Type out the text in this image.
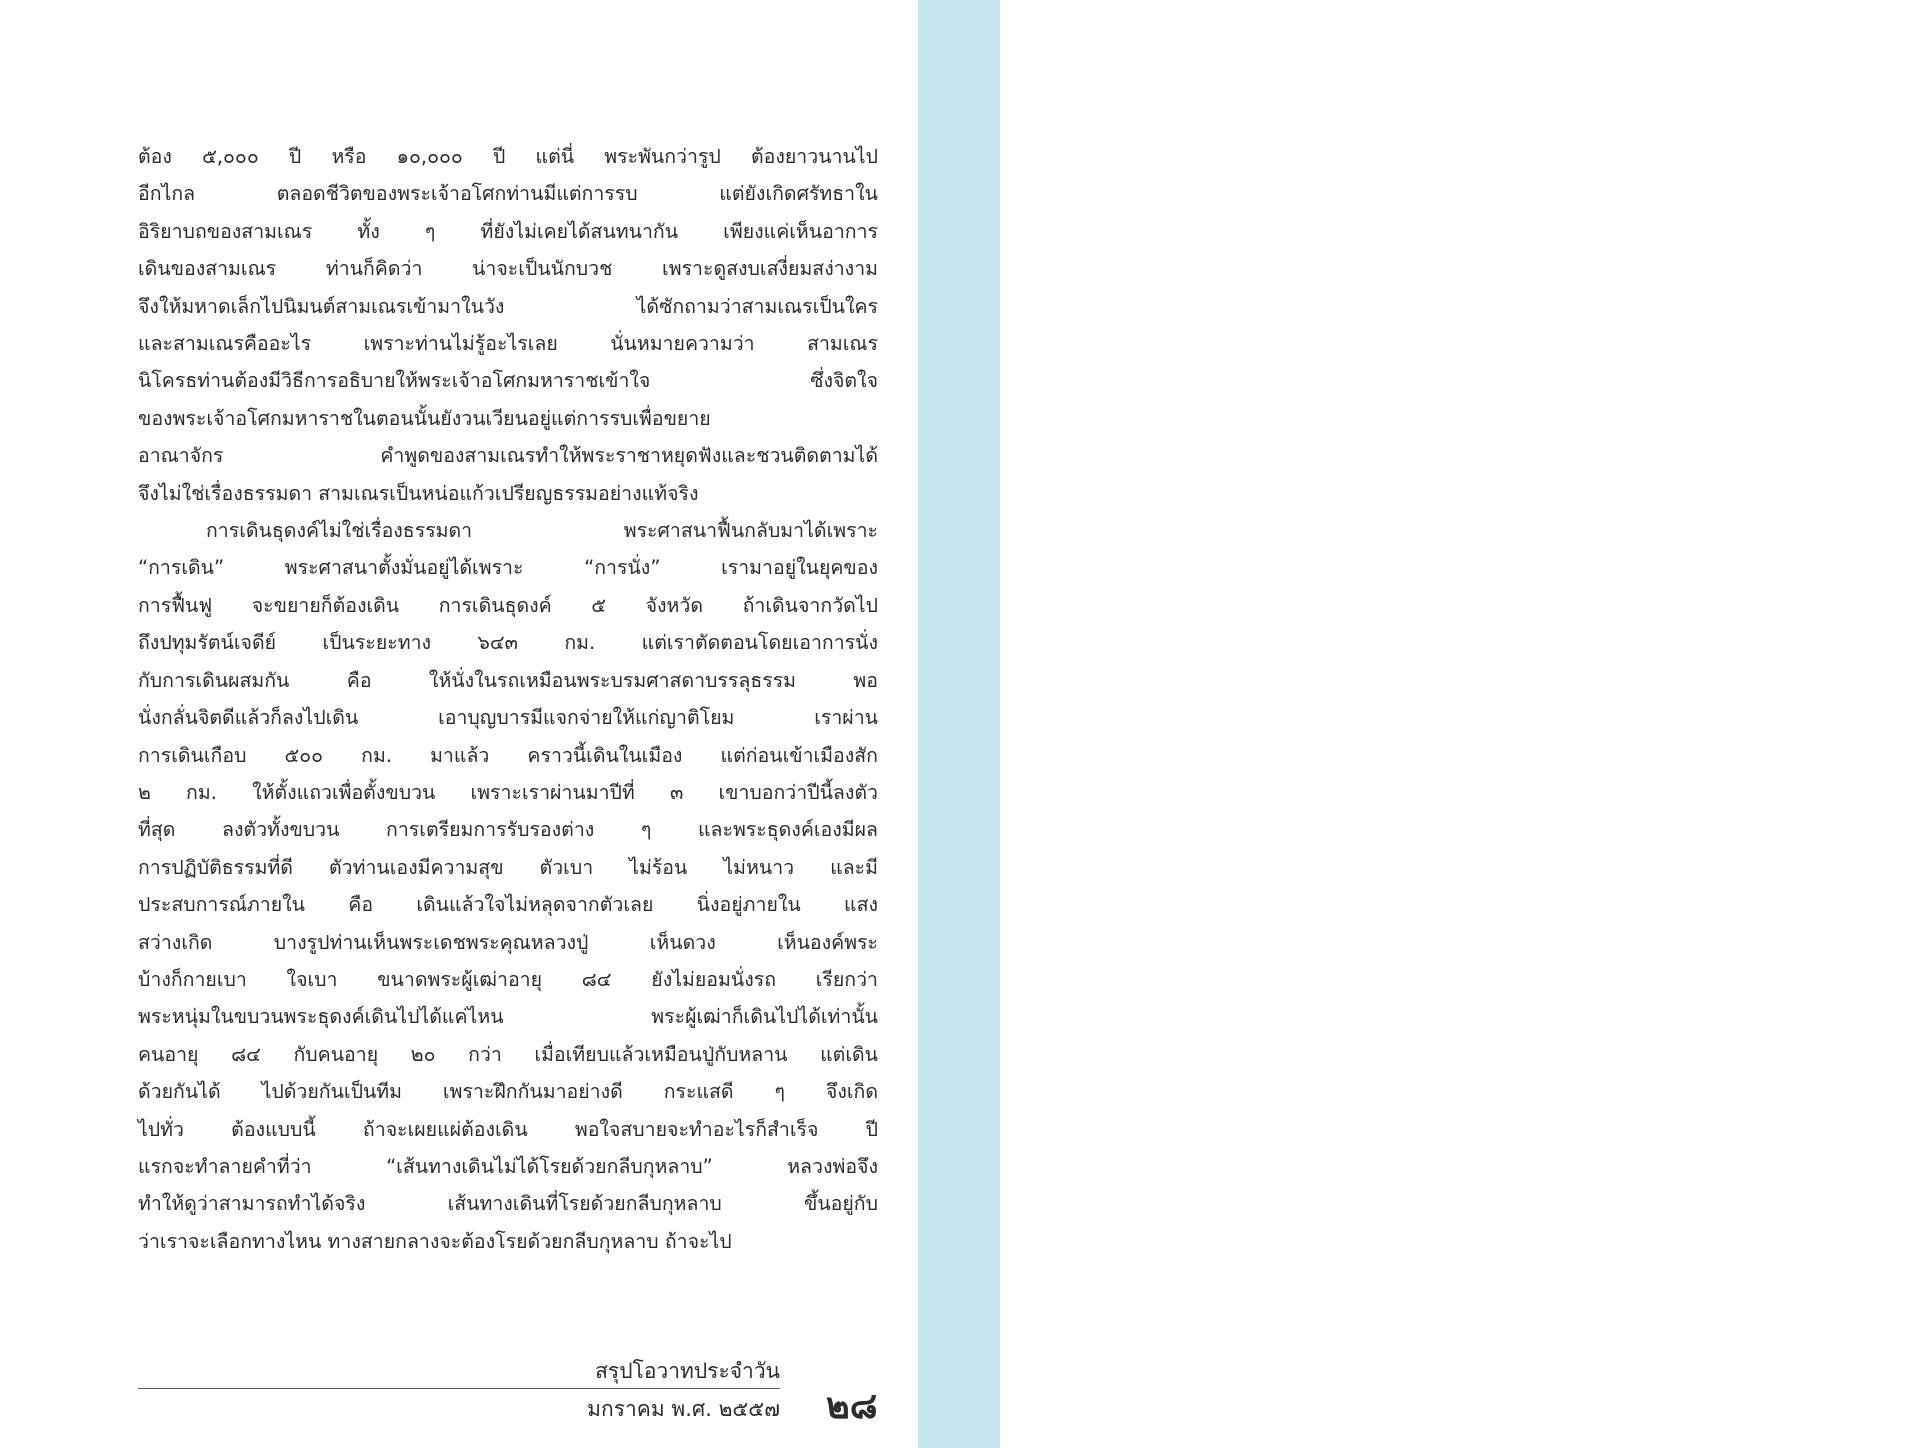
JANUARY 2557
ต้อง ๕,๐๐๐ ปี หรือ ๑๐,๐๐๐ ปี แต่นี่ พระพันกว่ารูป ต้องยาวนานไป
อีกไกล ตลอดชีวิตของพระเจ้าอโศกท่านมีแต่การรบ แต่ยังเกิดศรัทธาใน
อิริยาบถของสามเณร ทั้ง ๆ ที่ยังไม่เคยได้สนทนากัน เพียงแค่เห็นอาการ
เดินของสามเณร ท่านก็คิดว่า น่าจะเป็นนักบวช เพราะดูสงบเสงี่ยมสง่างาม
จึงให้มหาดเล็กไปนิมนต์สามเณรเข้ามาในวัง ได้ซักถามว่าสามเณรเป็นใคร
และสามเณรคืออะไร เพราะท่านไม่รู้อะไรเลย นั่นหมายความว่า สามเณร
นิโครธท่านต้องมีวิธีการอธิบายให้พระเจ้าอโศกมหาราชเข้าใจ ซึ่งจิตใจ
ของพระเจ้าอโศกมหาราชในตอนนั้นยังวนเวียนอยู่แต่การรบเพื่อขยาย
อาณาจักร คำพูดของสามเณรทำให้พระราชาหยุดฟังและชวนติดตามได้
จึงไม่ใช่เรื่องธรรมดา สามเณรเป็นหน่อแก้วเปรียญธรรมอย่างแท้จริง
การเดินธุดงค์ไม่ใช่เรื่องธรรมดา พระศาสนาฟื้นกลับมาได้เพราะ
“การเดิน” พระศาสนาตั้งมั่นอยู่ได้เพราะ “การนั่ง” เรามาอยู่ในยุคของ
การฟื้นฟู จะขยายก็ต้องเดิน การเดินธุดงค์ ๕ จังหวัด ถ้าเดินจากวัดไป
ถึงปทุมรัตน์เจดีย์ เป็นระยะทาง ๖๔๓ กม. แต่เราตัดตอนโดยเอาการนั่ง
กับการเดินผสมกัน คือ ให้นั่งในรถเหมือนพระบรมศาสดาบรรลุธรรม พอ
นั่งกลั่นจิตดีแล้วก็ลงไปเดิน เอาบุญบารมีแจกจ่ายให้แก่ญาติโยม เราผ่าน
การเดินเกือบ ๕๐๐ กม. มาแล้ว คราวนี้เดินในเมือง แต่ก่อนเข้าเมืองสัก
๒ กม. ให้ตั้งแถวเพื่อตั้งขบวน เพราะเราผ่านมาปีที่ ๓ เขาบอกว่าปีนี้ลงตัว
ที่สุด ลงตัวทั้งขบวน การเตรียมการรับรองต่าง ๆ และพระธุดงค์เองมีผล
การปฏิบัติธรรมที่ดี ตัวท่านเองมีความสุข ตัวเบา ไม่ร้อน ไม่หนาว และมี
ประสบการณ์ภายใน คือ เดินแล้วใจไม่หลุดจากตัวเลย นิ่งอยู่ภายใน แสง
สว่างเกิด บางรูปท่านเห็นพระเดชพระคุณหลวงปู่ เห็นดวง เห็นองค์พระ
บ้างก็กายเบา ใจเบา ขนาดพระผู้เฒ่าอายุ ๘๔ ยังไม่ยอมนั่งรถ เรียกว่า
พระหนุ่มในขบวนพระธุดงค์เดินไปได้แค่ไหน พระผู้เฒ่าก็เดินไปได้เท่านั้น
คนอายุ ๘๔ กับคนอายุ ๒๐ กว่า เมื่อเทียบแล้วเหมือนปู่กับหลาน แต่เดิน
ด้วยกันได้ ไปด้วยกันเป็นทีม เพราะฝึกกันมาอย่างดี กระแสดี ๆ จึงเกิด
ไปทั่ว ต้องแบบนี้ ถ้าจะเผยแผ่ต้องเดิน พอใจสบายจะทำอะไรก็สำเร็จ ปี
แรกจะทำลายคำที่ว่า “เส้นทางเดินไม่ได้โรยด้วยกลีบกุหลาบ” หลวงพ่อจึง
ทำให้ดูว่าสามารถทำได้จริง เส้นทางเดินที่โรยด้วยกลีบกุหลาบ ขึ้นอยู่กับ
ว่าเราจะเลือกทางไหน ทางสายกลางจะต้องโรยด้วยกลีบกุหลาบ ถ้าจะไป
สรุปโอวาทประจำวัน
มกราคม พ.ศ. ๒๕๕๗ ๒๘
